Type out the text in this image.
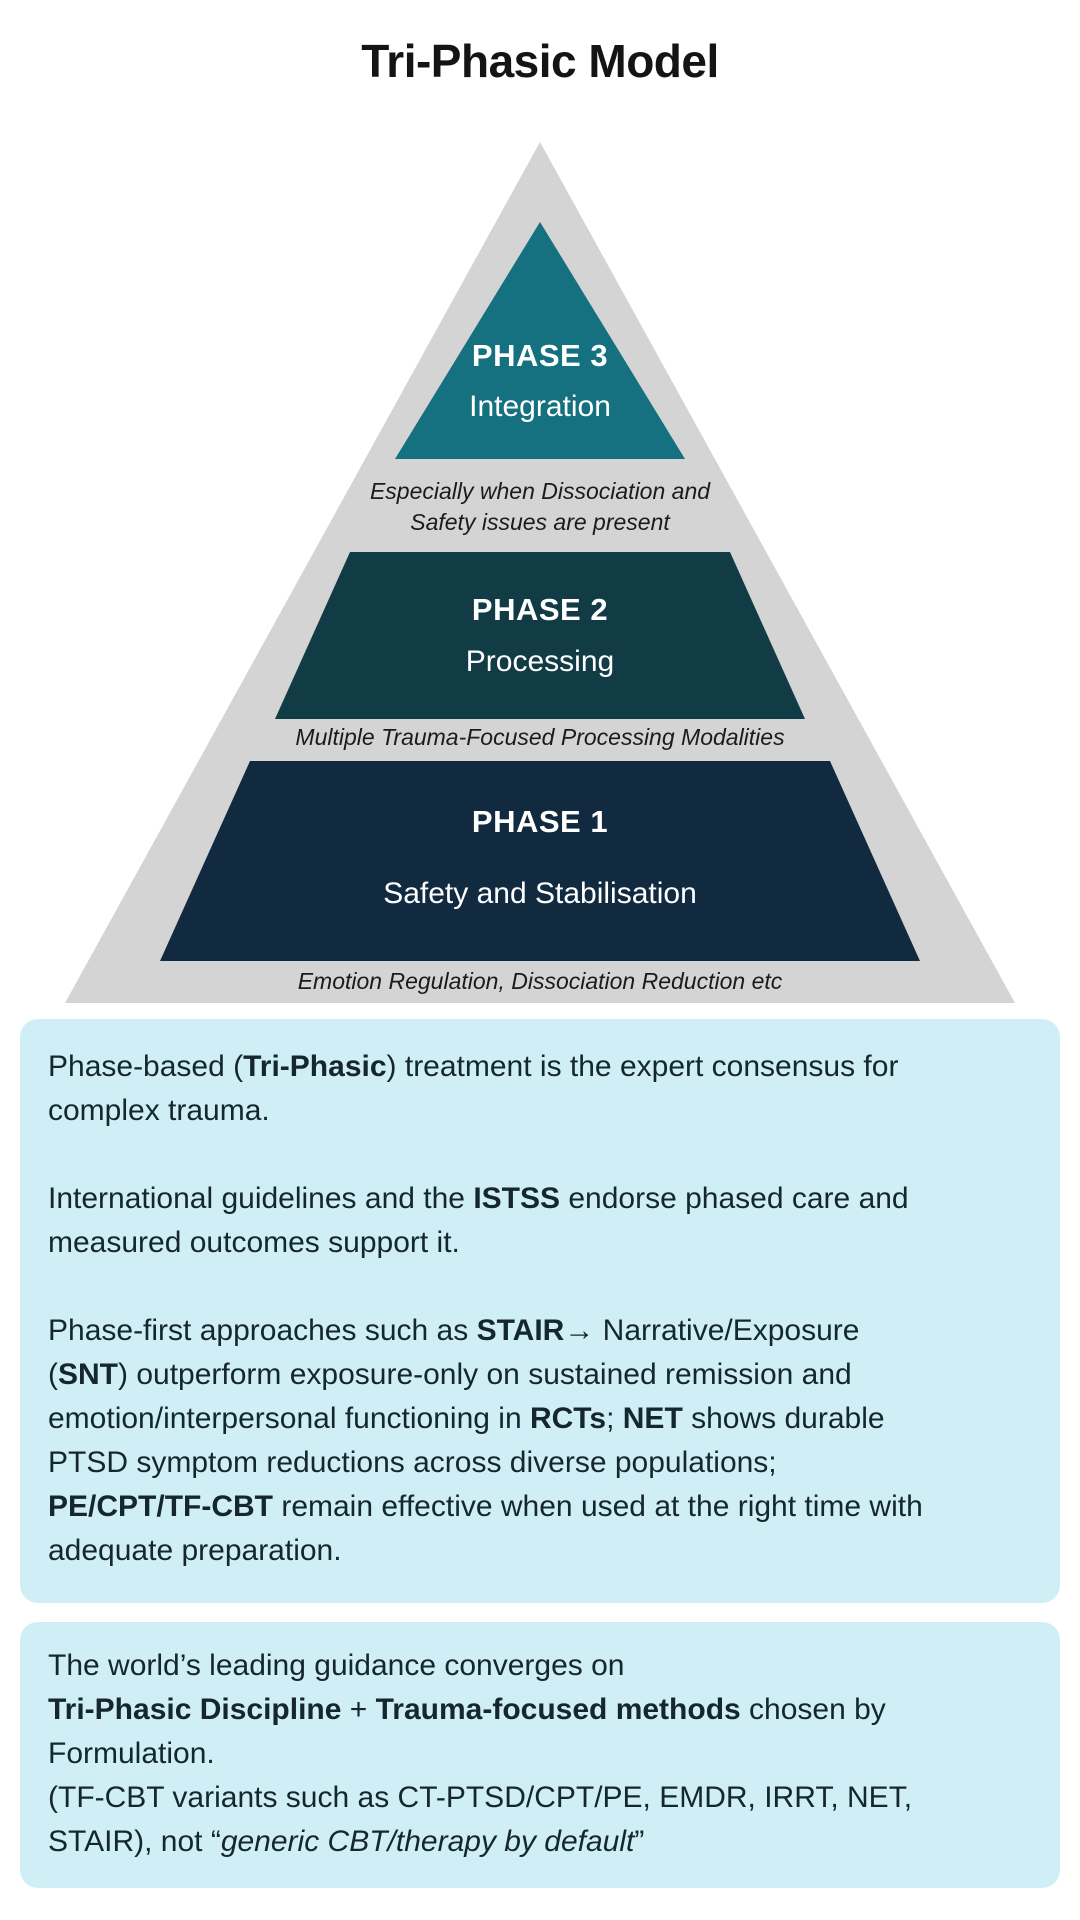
Tri-Phasic Model
PHASE 3
Integration
Especially when Dissociation and Safety issues are present
PHASE 2
Processing
Multiple Trauma-Focused Processing Modalities
PHASE 1
Safety and Stabilisation
Emotion Regulation, Dissociation Reduction etc
Phase-based (Tri-Phasic) treatment is the expert consensus for
complex trauma.
International guidelines and the ISTSS endorse phased care and
measured outcomes support it.
Phase-first approaches such as STAIR→ Narrative/Exposure
(SNT) outperform exposure-only on sustained remission and
emotion/interpersonal functioning in RCTs; NET shows durable
PTSD symptom reductions across diverse populations;
PE/CPT/TF-CBT remain effective when used at the right time with
adequate preparation.
The world’s leading guidance converges on
Tri-Phasic Discipline + Trauma-focused methods chosen by
Formulation.
(TF-CBT variants such as CT-PTSD/CPT/PE, EMDR, IRRT, NET,
STAIR), not “generic CBT/therapy by default”
